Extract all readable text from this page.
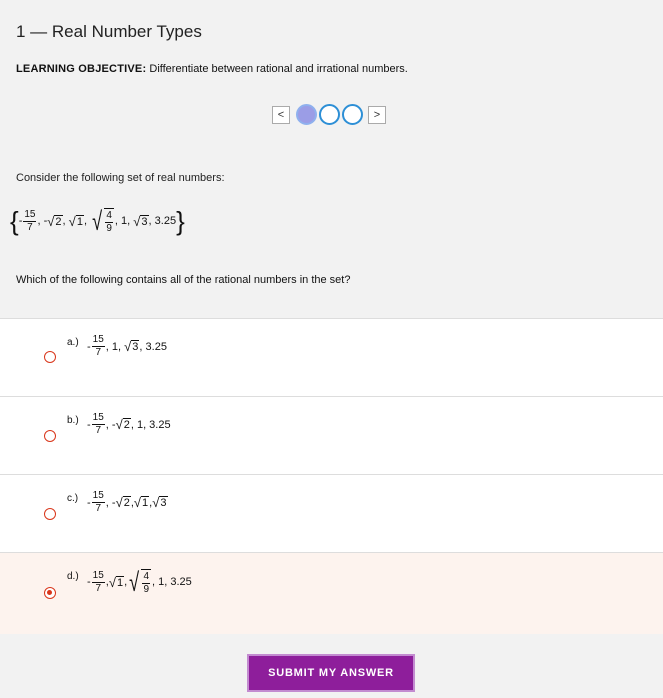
1 — Real Number Types
LEARNING OBJECTIVE: Differentiate between rational and irrational numbers.
<	>
Consider the following set of real numbers:
{ - $\frac{15}{7}$ ,
- √ 2 ,
√ 1 ,
√ $\frac{4}{9}$ ,
1,
√ 3 , 3.25 }
Which of the following contains all of the rational numbers in the set?
$a.) - \frac{15}{7}$ , 1,
√ 3 , 3.25
$b.) - \frac{15}{7}$ , - √ 2 , 1, 3.25
$c.) - \frac{15}{7}$ , - √ 2 , √ 1 , √ 3
$d.) - \frac{15}{7}$ , √ 1 , √ $\frac{4}{9}$ , 1, 3.25
SUBMIT MY ANSWER
